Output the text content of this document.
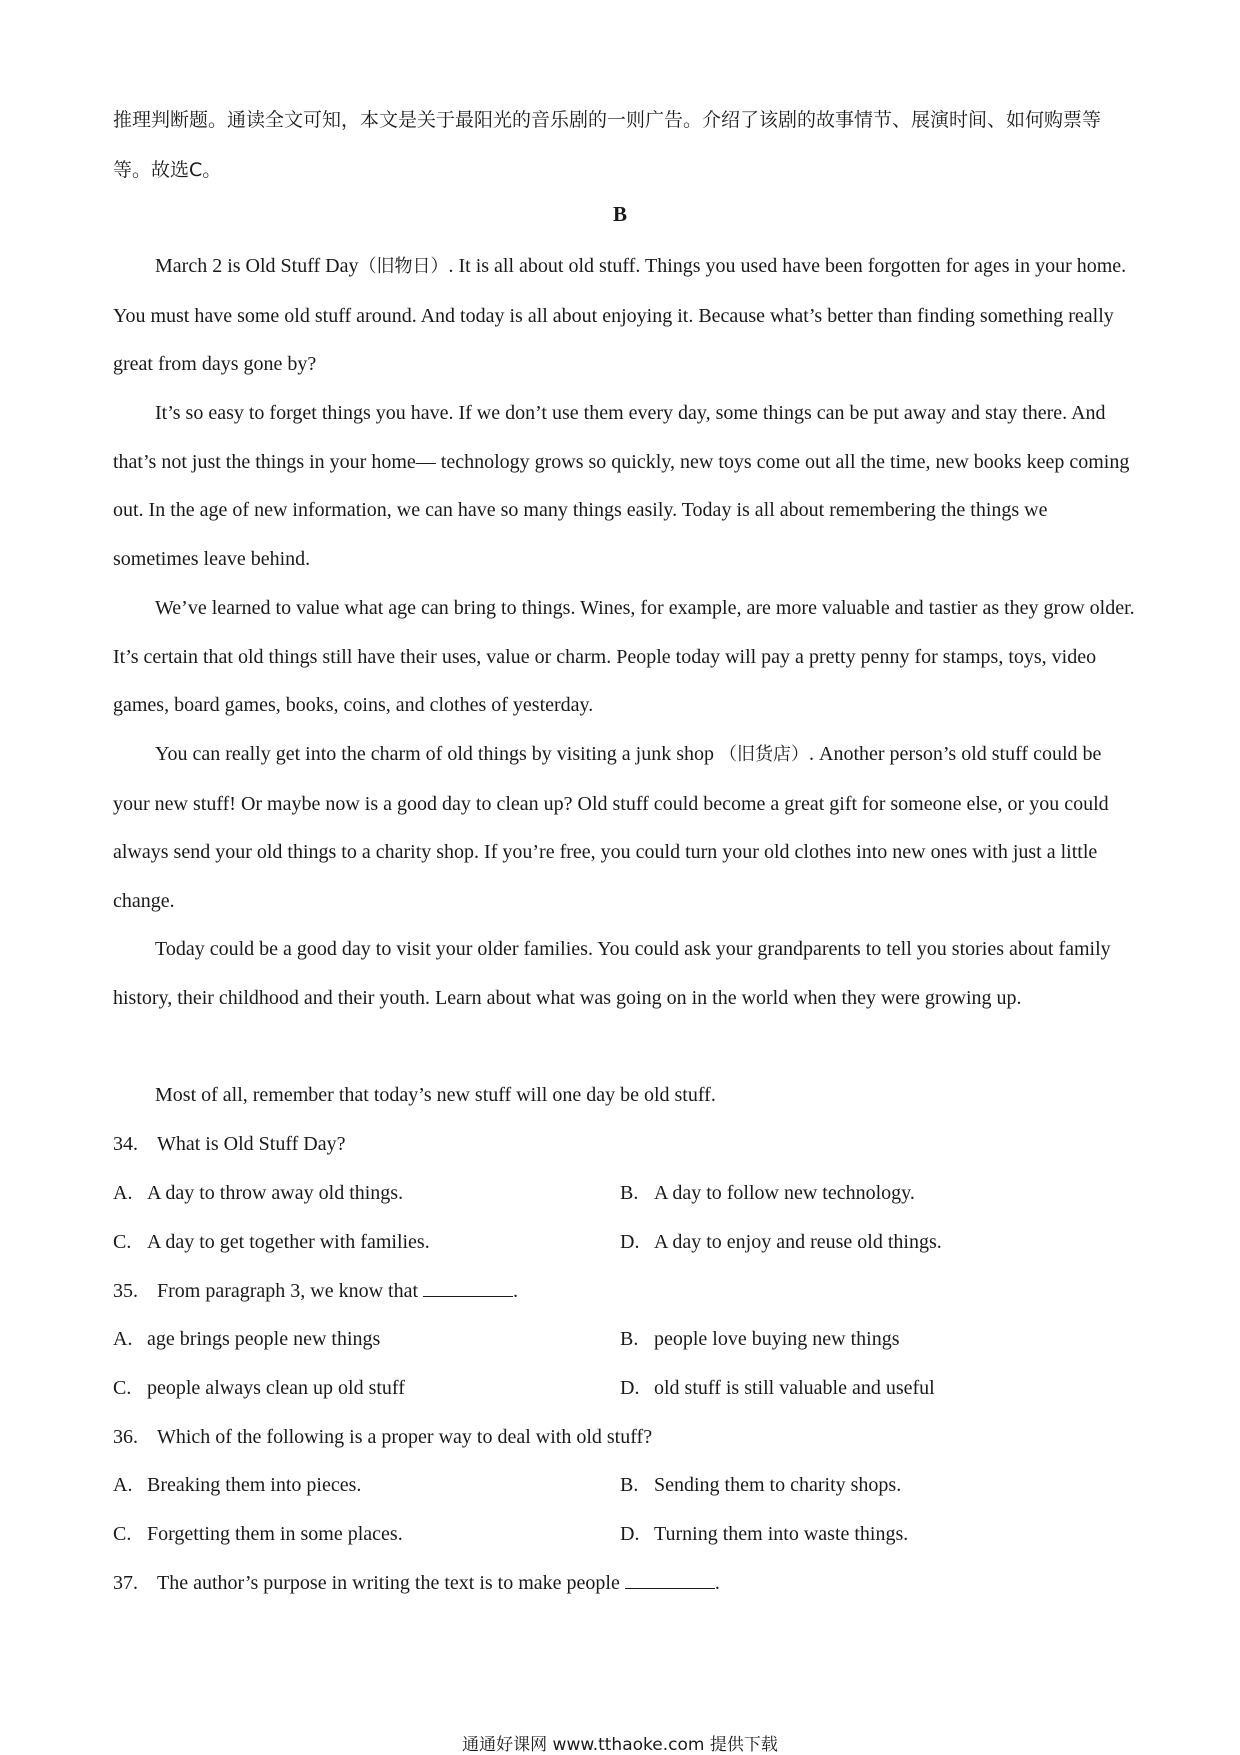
推理判断题。通读全文可知，本文是关于最阳光的音乐剧的一则广告。介绍了该剧的故事情节、展演时间、如何购票等等。故选C。
B

March 2 is Old Stuff Day（旧物日）. It is all about old stuff. Things you used have been forgotten for ages in your home. You must have some old stuff around. And today is all about enjoying it. Because what’s better than finding something really great from days gone by?

It’s so easy to forget things you have. If we don’t use them every day, some things can be put away and stay there. And that’s not just the things in your home— technology grows so quickly, new toys come out all the time, new books keep coming out. In the age of new information, we can have so many things easily. Today is all about remembering the things we sometimes leave behind.

We’ve learned to value what age can bring to things. Wines, for example, are more valuable and tastier as they grow older. It’s certain that old things still have their uses, value or charm. People today will pay a pretty penny for stamps, toys, video games, board games, books, coins, and clothes of yesterday.

You can really get into the charm of old things by visiting a junk shop （旧货店）. Another person’s old stuff could be your new stuff! Or maybe now is a good day to clean up? Old stuff could become a great gift for someone else, or you could always send your old things to a charity shop. If you’re free, you could turn your old clothes into new ones with just a little change.

Today could be a good day to visit your older families. You could ask your grandparents to tell you stories about family history, their childhood and their youth. Learn about what was going on in the world when they were growing up.

Most of all, remember that today’s new stuff will one day be old stuff.

34. What is Old Stuff Day?
A. A day to throw away old things.	B. A day to follow new technology.
C. A day to get together with families.	D. A day to enjoy and reuse old things.
35. From paragraph 3, we know that	.
A. age brings people new things	B. people love buying new things
C. people always clean up old stuff	D. old stuff is still valuable and useful
36. Which of the following is a proper way to deal with old stuff?
A. Breaking them into pieces.	B. Sending them to charity shops.
C. Forgetting them in some places.	D. Turning them into waste things.
37. The author’s purpose in writing the text is to make people	.
通通好课网 www.tthaoke.com 提供下载
